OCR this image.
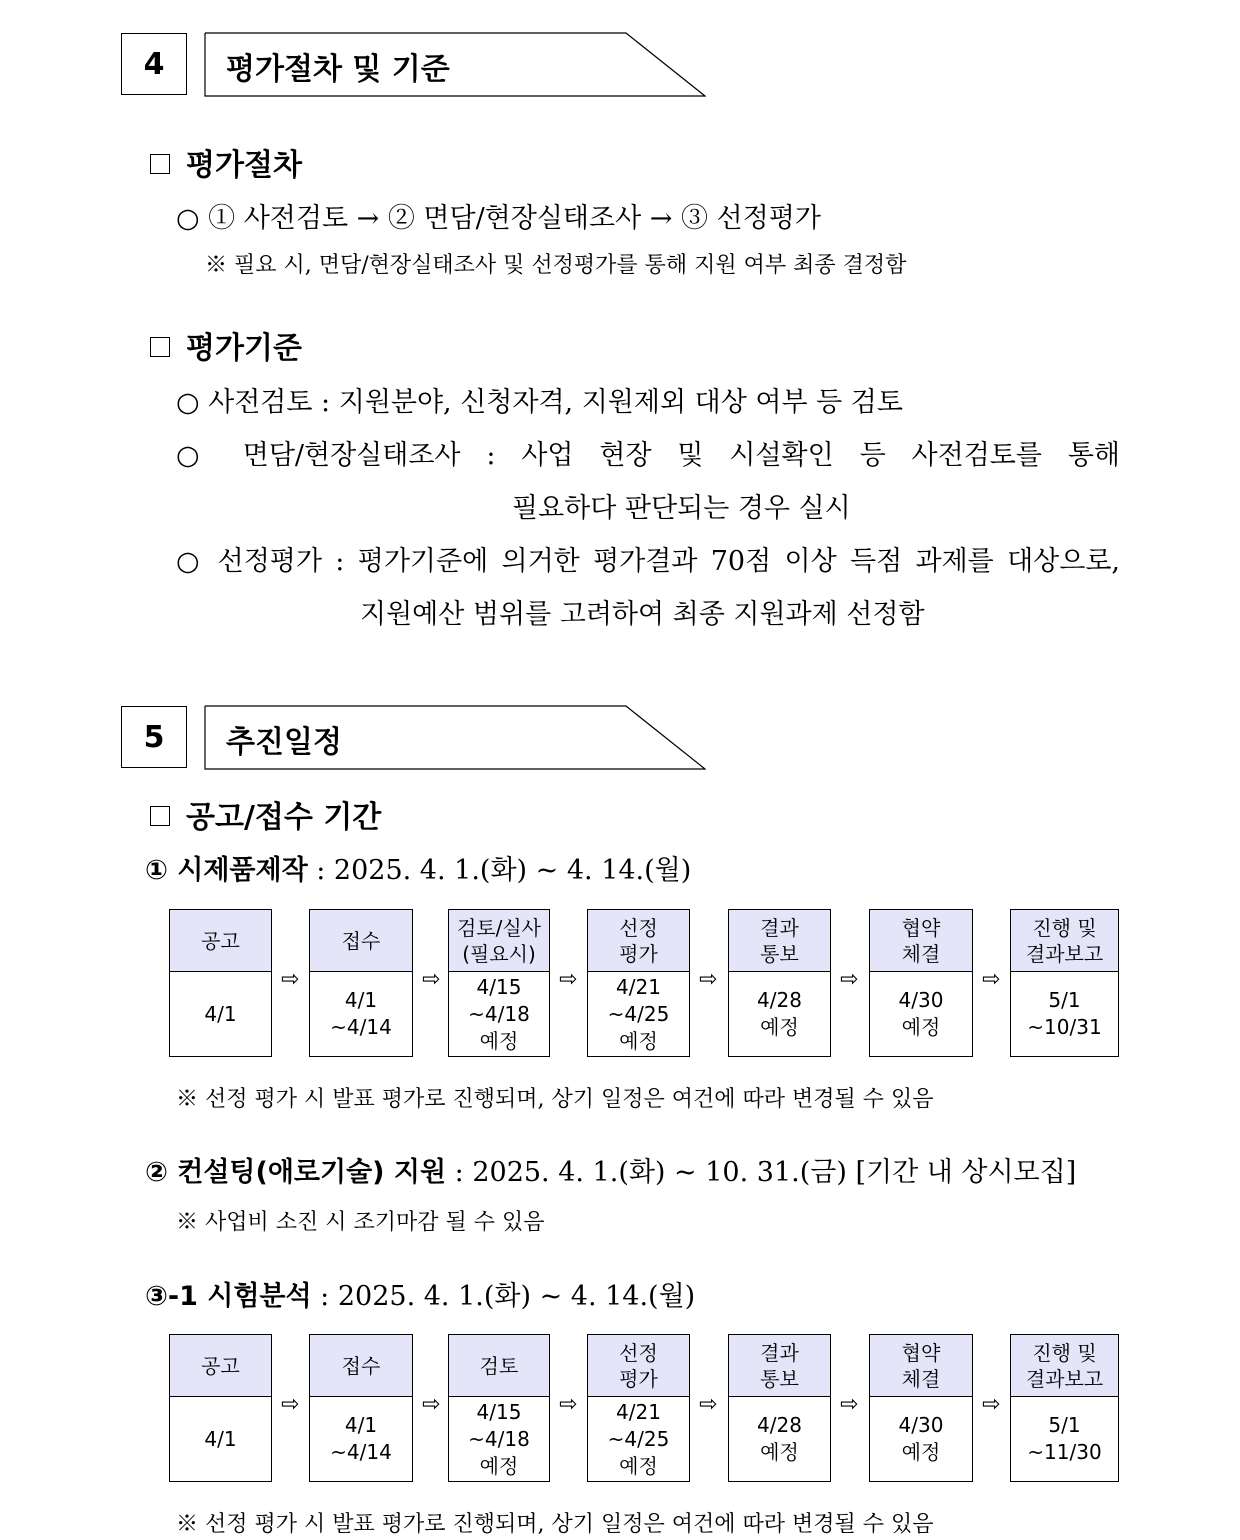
4	평가절차 및 기준
평가절차
○ ① 사전검토 → ② 면담/현장실태조사 → ③ 선정평가
※ 필요 시, 면담/현장실태조사 및 선정평가를 통해 지원 여부 최종 결정함
평가기준
○ 사전검토 : 지원분야, 신청자격, 지원제외 대상 여부 등 검토
○ 면담/현장실태조사 : 사업 현장 및 시설확인 등 사전검토를 통해
필요하다 판단되는 경우 실시
○ 선정평가 : 평가기준에 의거한 평가결과 70점 이상 득점 과제를 대상으로,
지원예산 범위를 고려하여 최종 지원과제 선정함
5	추진일정
공고/접수 기간
① 시제품제작 : 2025. 4. 1.(화) ~ 4. 14.(월)
공고
4/1
⇨
접수
4/1
~4/14
⇨
검토/실사
(필요시)
4/15
~4/18
예정
⇨
선정
평가
4/21
~4/25
예정
⇨
결과
통보
4/28
예정
⇨
협약
체결
4/30
예정
⇨
진행 및
결과보고
5/1
~10/31
※ 선정 평가 시 발표 평가로 진행되며, 상기 일정은 여건에 따라 변경될 수 있음
② 컨설팅(애로기술) 지원 : 2025. 4. 1.(화) ~ 10. 31.(금) [기간 내 상시모집]
※ 사업비 소진 시 조기마감 될 수 있음
③-1 시험분석 : 2025. 4. 1.(화) ~ 4. 14.(월)
공고
4/1
⇨
접수
4/1
~4/14
⇨
검토
4/15
~4/18
예정
⇨
선정
평가
4/21
~4/25
예정
⇨
결과
통보
4/28
예정
⇨
협약
체결
4/30
예정
⇨
진행 및
결과보고
5/1
~11/30
※ 선정 평가 시 발표 평가로 진행되며, 상기 일정은 여건에 따라 변경될 수 있음
